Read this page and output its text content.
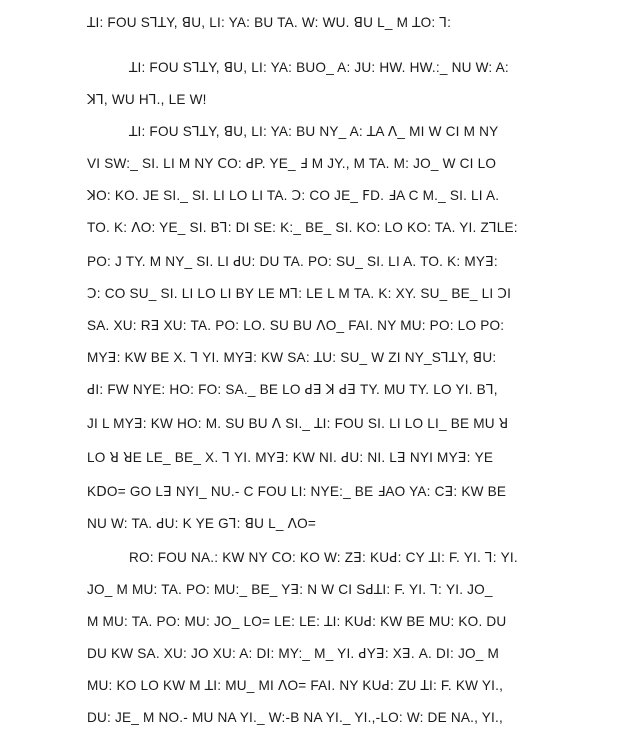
ꓕI: FOU SꓶꓕY, ꓭU, LI: YA: BU TA. W: WU. ꓭU L_ M ꓕO: ꓶ:
ꓕI: FOU SꓶꓕY, ꓭU, LI: YA: BUO_ A: JU: HW. HW.:_ NU W: A:
ꓘꓶ, WU Hꓶ., LE W!
ꓕI: FOU SꓶꓕY, ꓭU, LI: YA: BU NY_ A: ꓕA ꓥ_ MI W CI M NY
VI SW:_ SI. LI M NY ꓚO: ꓒP. YE_ ꓞ M JY., M TA. M: JO_ W CI LO
ꓘO: KO. JE SI._ SI. LI LO LI TA. ꓛ: CO JE_ ꓝD. ꓞA C M._ SI. LI A.
TO. K: ꓥO: YE_ SI. Bꓶ: DI SE: K:_ BE_ SI. KO: LO KO: TA. YI. ZꓶLE:
PO: J TY. M NY_ SI. LI ꓒU: DU TA. PO: SU_ SI. LI A. TO. K: MYꓱ:
ꓛ: CO SU_ SI. LI LO LI BY LE Mꓶ: LE L M TA. K: XY. SU_ BE_ LI ꓛI
SA. XU: Rꓱ XU: TA. PO: LO. SU BU ꓥO_ FAI. NY MU: PO: LO PO:
MYꓱ: KW BE X. ꓶ YI. MYꓱ: KW SA: ꓕU: SU_ W ZI NY_SꓶꓕY, ꓭU:
ꓒI: FW NYE: HO: FO: SA._ BE LO ꓒꓱ ꓘ ꓒꓱ TY. MU TY. LO YI. Bꓶ,
JI L MYꓱ: KW HO: M. SU BU ꓥ SI._ ꓕI: FOU SI. LI LO LI_ BE MU ꓤ
LO ꓤ ꓤE LE_ BE_ X. ꓶ YI. MYꓱ: KW NI. ꓒU: NI. Lꓱ NYI MYꓱ: YE
KꓓO= GO Lꓱ NYI_ NU.- C FOU LI: NYE:_ BE ꓞAO YA: Cꓱ: KW BE
NU W: TA. ꓒU: K YE Gꓶ: ꓭU L_ ꓥO=
RO: FOU NA.: KW NY ꓚO: KO W: Zꓱ: KUꓒ: CY ꓕI: F. YI. ꓶ: YI.
JO_ M MU: TA. PO: MU:_ BE_ Yꓱ: N W CI SꓒꓕI: F. YI. ꓶ: YI. JO_
M MU: TA. PO: MU: JO_ LO= LE: LE: ꓕI: KUꓒ: KW BE MU: KO. DU
DU KW SA. XU: JO XU: A: DI: MY:_ M_ YI. ꓒYꓱ: Xꓱ. A. DI: JO_ M
MU: KO LO KW M ꓕI: MU_ MI ꓥO= FAI. NY KUꓒ: ZU ꓕI: F. KW YI.,
DU: JE_ M NO.- MU NA YI._ W:-B NA YI._ YI.,-LO: W: DE NA., YI.,
